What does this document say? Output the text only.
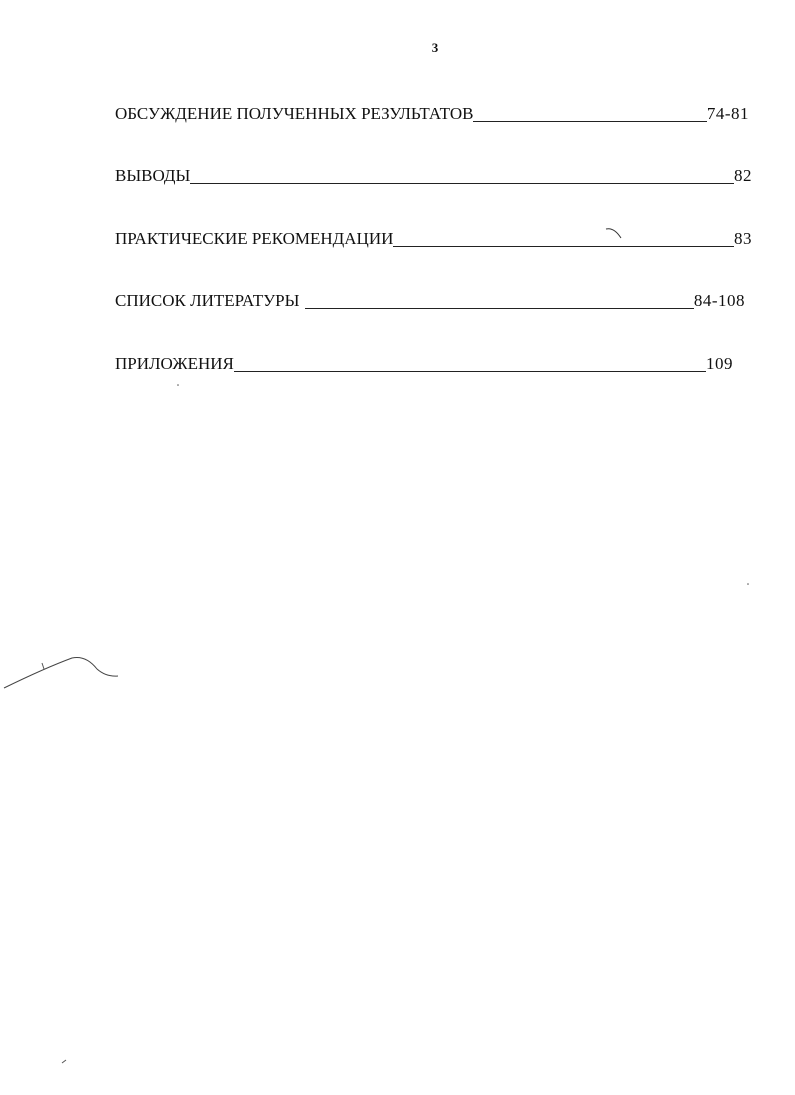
3
ОБСУЖДЕНИЕ ПОЛУЧЕННЫХ РЕЗУЛЬТАТОВ	74-81
ВЫВОДЫ	82
ПРАКТИЧЕСКИЕ РЕКОМЕНДАЦИИ	83
СПИСОК ЛИТЕРАТУРЫ	84-108
ПРИЛОЖЕНИЯ	109
